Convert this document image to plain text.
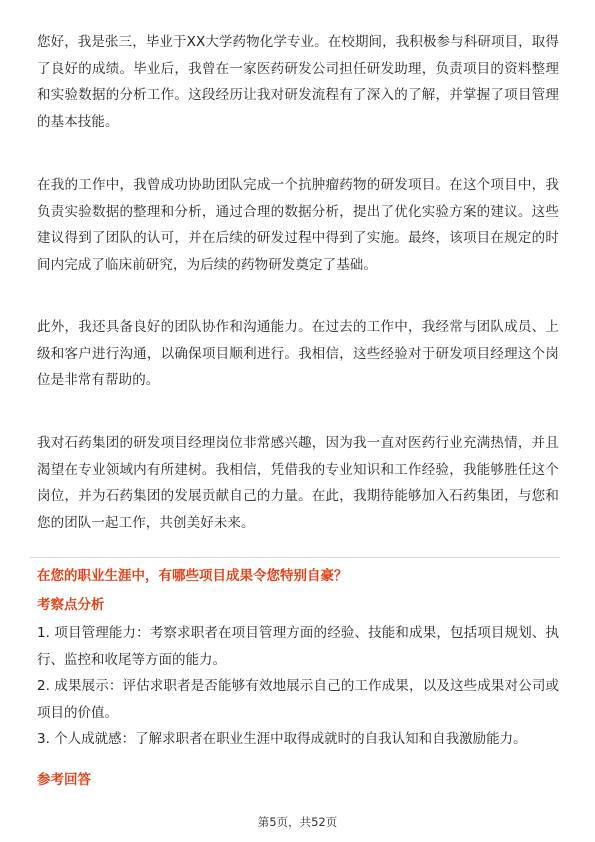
您好，我是张三，毕业于XX大学药物化学专业。在校期间，我积极参与科研项目，取得了良好的成绩。毕业后，我曾在一家医药研发公司担任研发助理，负责项目的资料整理和实验数据的分析工作。这段经历让我对研发流程有了深入的了解，并掌握了项目管理的基本技能。

在我的工作中，我曾成功协助团队完成一个抗肿瘤药物的研发项目。在这个项目中，我负责实验数据的整理和分析，通过合理的数据分析，提出了优化实验方案的建议。这些建议得到了团队的认可，并在后续的研发过程中得到了实施。最终，该项目在规定的时间内完成了临床前研究，为后续的药物研发奠定了基础。

此外，我还具备良好的团队协作和沟通能力。在过去的工作中，我经常与团队成员、上级和客户进行沟通，以确保项目顺利进行。我相信，这些经验对于研发项目经理这个岗位是非常有帮助的。

我对石药集团的研发项目经理岗位非常感兴趣，因为我一直对医药行业充满热情，并且渴望在专业领域内有所建树。我相信，凭借我的专业知识和工作经验，我能够胜任这个岗位，并为石药集团的发展贡献自己的力量。在此，我期待能够加入石药集团，与您和您的团队一起工作，共创美好未来。

在您的职业生涯中，有哪些项目成果令您特别自豪？

考察点分析

1. 项目管理能力：考察求职者在项目管理方面的经验、技能和成果，包括项目规划、执行、监控和收尾等方面的能力。
2. 成果展示：评估求职者是否能够有效地展示自己的工作成果，以及这些成果对公司或项目的价值。
3. 个人成就感：了解求职者在职业生涯中取得成就时的自我认知和自我激励能力。

参考回答

第5页，共52页
